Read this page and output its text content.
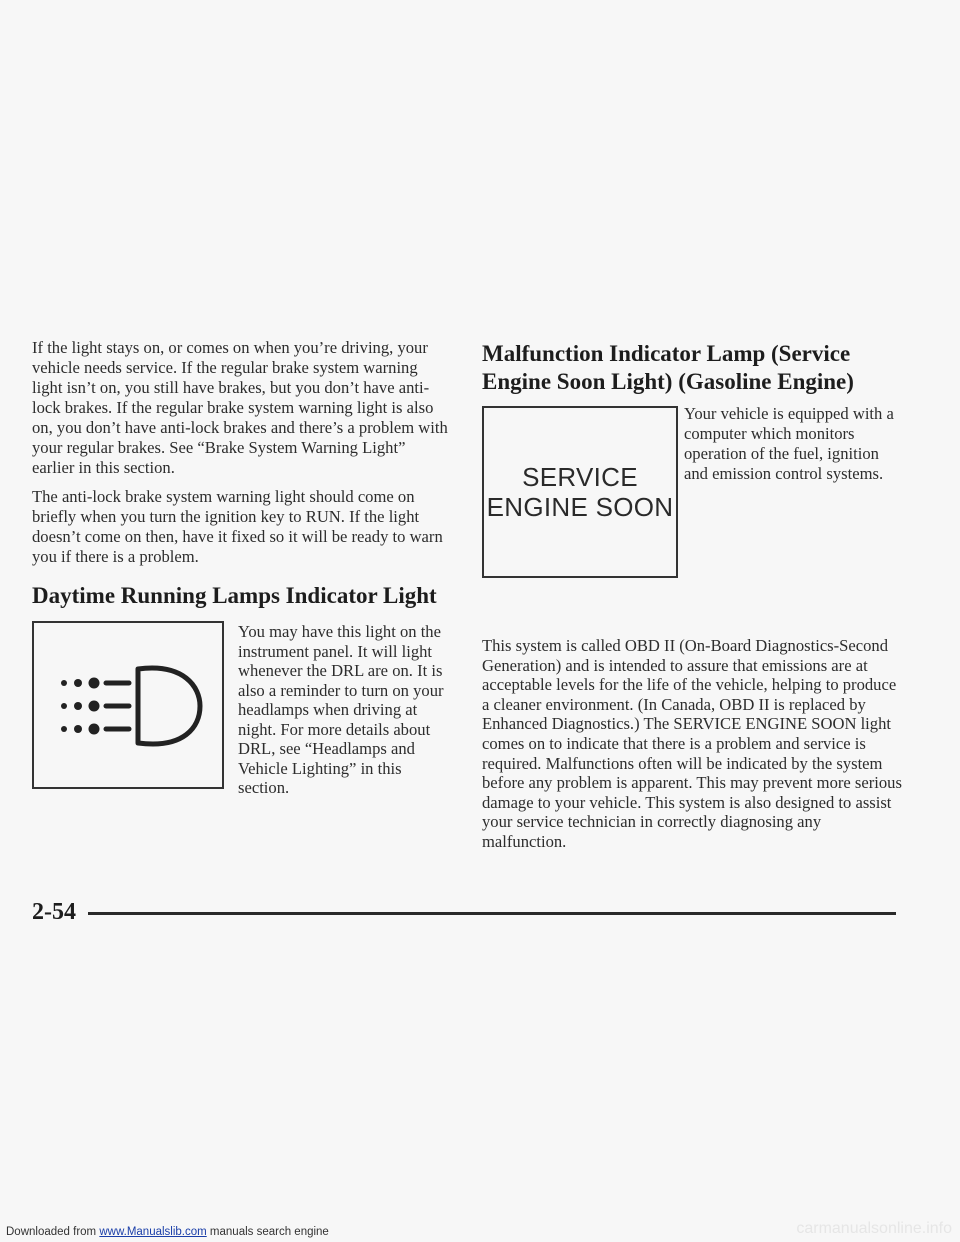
If the light stays on, or comes on when you’re driving, your vehicle needs service. If the regular brake system warning light isn’t on, you still have brakes, but you don’t have anti-lock brakes. If the regular brake system warning light is also on, you don’t have anti-lock brakes and there’s a problem with your regular brakes. See “Brake System Warning Light” earlier in this section.

The anti-lock brake system warning light should come on briefly when you turn the ignition key to RUN. If the light doesn’t come on then, have it fixed so it will be ready to warn you if there is a problem.

Daytime Running Lamps Indicator Light

You may have this light on the instrument panel. It will light whenever the DRL are on. It is also a reminder to turn on your headlamps when driving at night. For more details about DRL, see “Headlamps and Vehicle Lighting” in this section.

Malfunction Indicator Lamp (Service
Engine Soon Light) (Gasoline Engine)
SERVICE
ENGINE SOON

Your vehicle is equipped with a computer which monitors operation of the fuel, ignition and emission control systems.

This system is called OBD II (On-Board Diagnostics-Second Generation) and is intended to assure that emissions are at acceptable levels for the life of the vehicle, helping to produce a cleaner environment. (In Canada, OBD II is replaced by Enhanced Diagnostics.) The SERVICE ENGINE SOON light comes on to indicate that there is a problem and service is required. Malfunctions often will be indicated by the system before any problem is apparent. This may prevent more serious damage to your vehicle. This system is also designed to assist your service technician in correctly diagnosing any malfunction.

2-54
Downloaded from www.Manualslib.com manuals search engine	carmanualsonline.info
